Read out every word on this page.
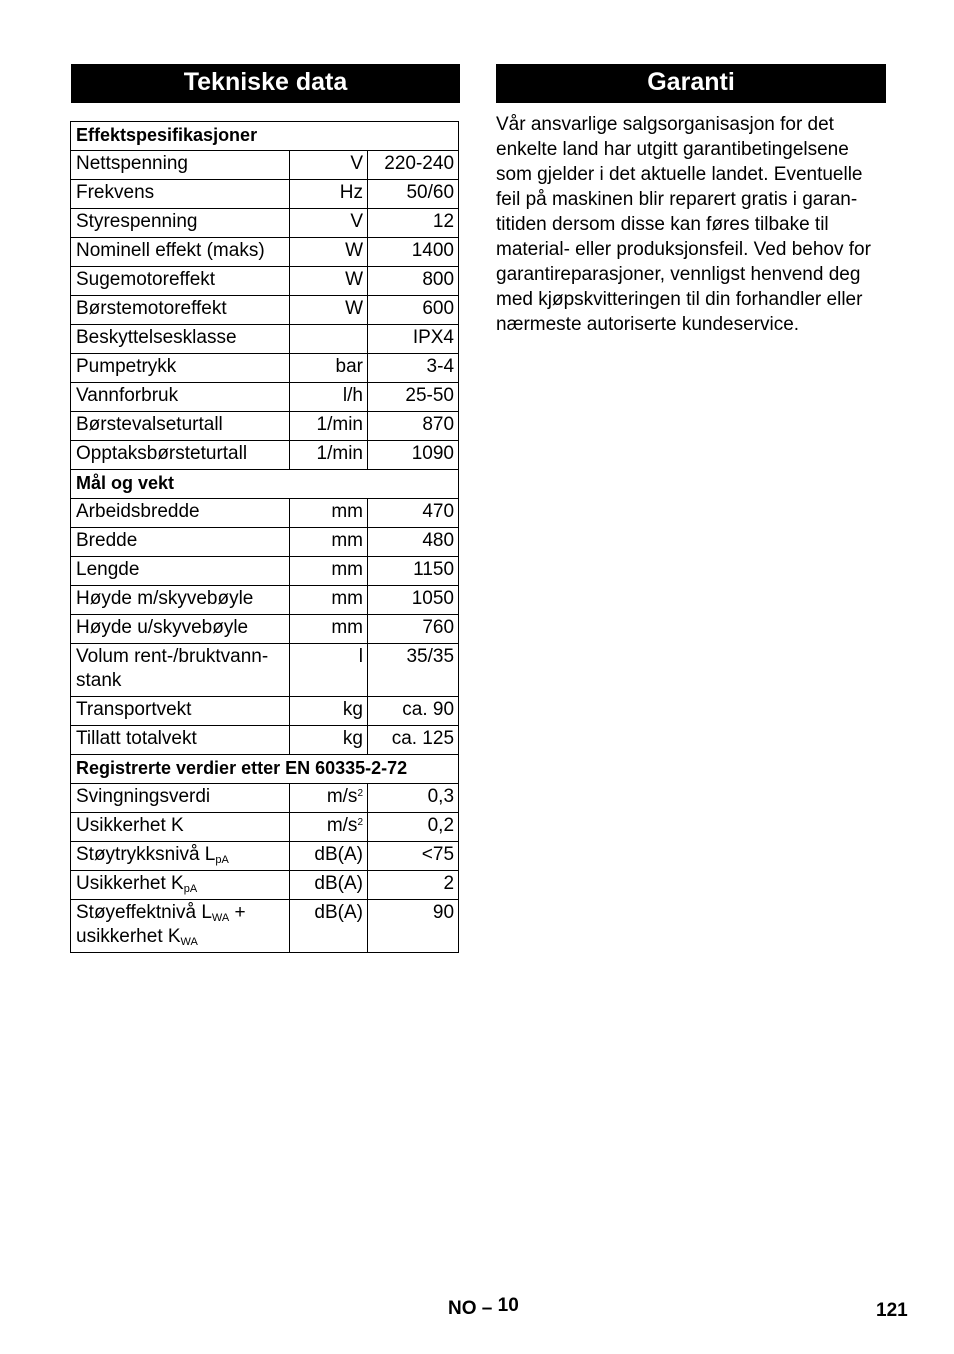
Tekniske data
Effektspesifikasjoner		
Nettspenning	V	220-240
Frekvens	Hz	50/60
Styrespenning	V	12
Nominell effekt (maks)	W	1400
Sugemotoreffekt	W	800
Børstemotoreffekt	W	600
Beskyttelsesklasse		IPX4
Pumpetrykk	bar	3-4
Vannforbruk	l/h	25-50
Børstevalseturtall	1/min	870
Opptaksbørsteturtall	1/min	1090
Mål og vekt		
Arbeidsbredde	mm	470
Bredde	mm	480
Lengde	mm	1150
Høyde m/skyvebøyle	mm	1050
Høyde u/skyvebøyle	mm	760
Volum rent-/bruktvann-
stank	l	35/35
Transportvekt	kg	ca. 90
Tillatt totalvekt	kg	ca. 125
Registrerte verdier etter EN 60335-2-72		
Svingningsverdi	$m/s^2$	0,3
Usikkerhet K	$m/s^2$	0,2
Støytrykksnivå $L_{pA}$	dB(A)	<75
Usikkerhet $K_{pA}$	dB(A)	2
Støyeffektnivå $L_{WA}$ +
usikkerhet $K_{WA}$	dB(A)	90
Garanti

Vår ansvarlige salgsorganisasjon for det enkelte land har utgitt garantibetingelsene som gjelder i det aktuelle landet. Eventuelle feil på maskinen blir reparert gratis i garan-titiden dersom disse kan føres tilbake til material- eller produksjonsfeil. Ved behov for garantireparasjoner, vennligst henvend deg med kjøpskvitteringen til din forhandler eller nærmeste autoriserte kundeservice.

NO – 10	121
